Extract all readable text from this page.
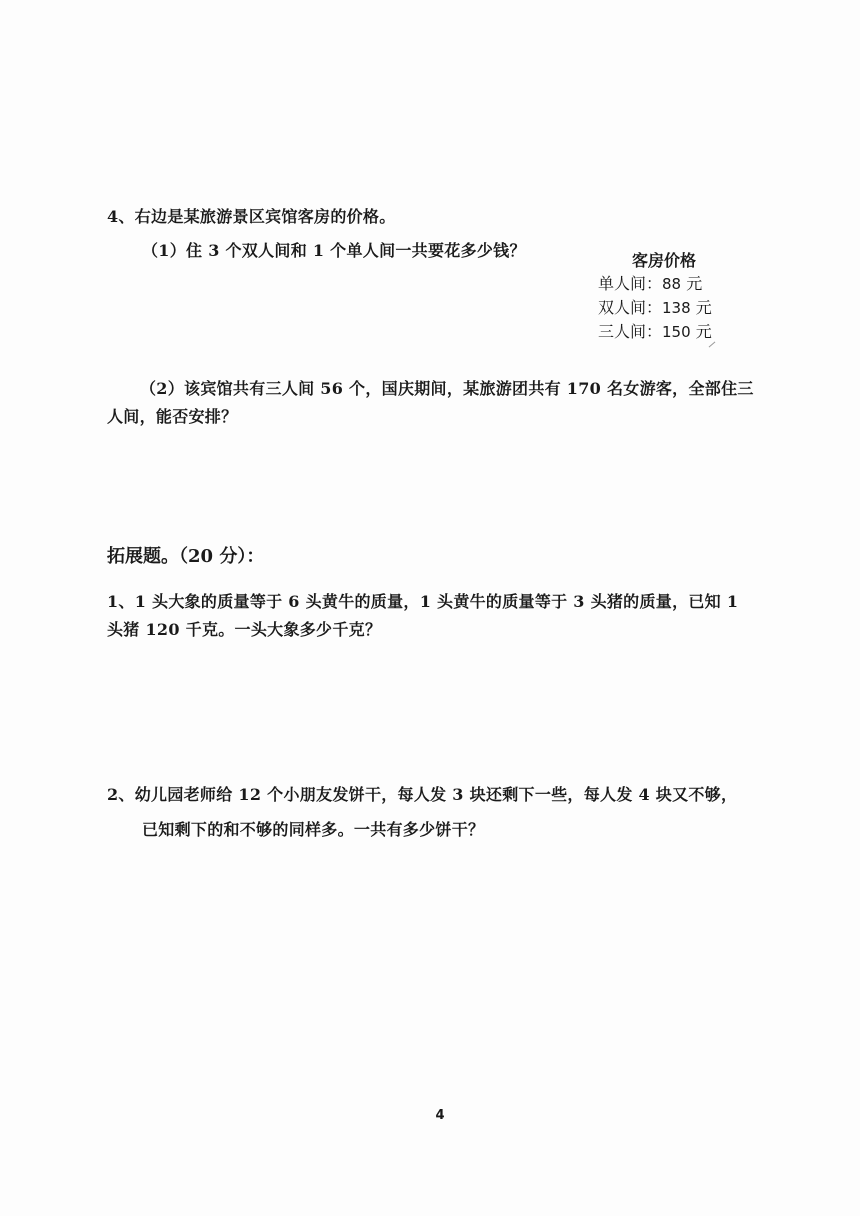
4、右边是某旅游景区宾馆客房的价格。
（1）住 3 个双人间和 1 个单人间一共要花多少钱？
客房价格
单人间：88 元
双人间：138 元
三人间：150 元
（2）该宾馆共有三人间 56 个，国庆期间，某旅游团共有 170 名女游客，全部住三
人间，能否安排？
拓展题。（20 分）：
1、1 头大象的质量等于 6 头黄牛的质量，1 头黄牛的质量等于 3 头猪的质量，已知 1
头猪 120 千克。一头大象多少千克？
2、幼儿园老师给 12 个小朋友发饼干，每人发 3 块还剩下一些，每人发 4 块又不够，
已知剩下的和不够的同样多。一共有多少饼干？
4
